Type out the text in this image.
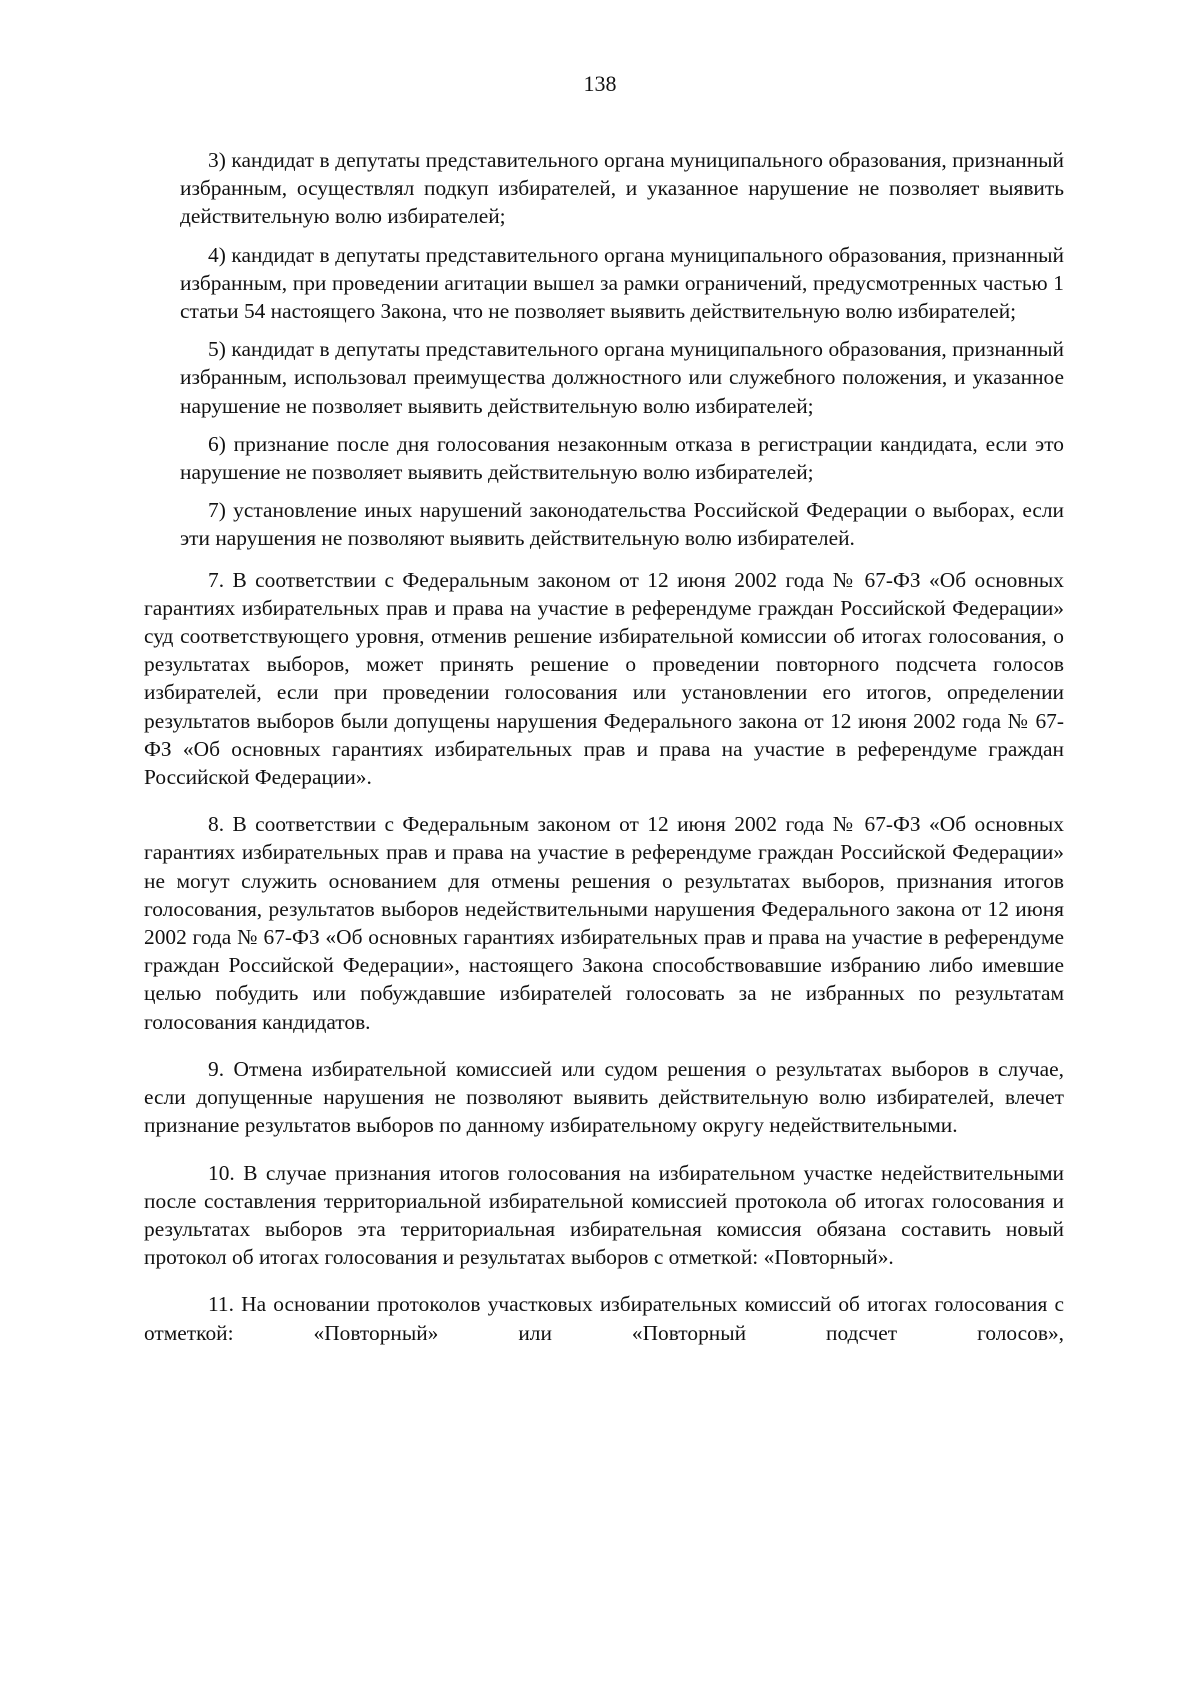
138

3) кандидат в депутаты представительного органа муниципального образования, признанный избранным, осуществлял подкуп избирателей, и указанное нарушение не позволяет выявить действительную волю избирателей;

4) кандидат в депутаты представительного органа муниципального образования, признанный избранным, при проведении агитации вышел за рамки ограничений, предусмотренных частью 1 статьи 54 настоящего Закона, что не позволяет выявить действительную волю избирателей;

5) кандидат в депутаты представительного органа муниципального образования, признанный избранным, использовал преимущества должностного или служебного положения, и указанное нарушение не позволяет выявить действительную волю избирателей;

6) признание после дня голосования незаконным отказа в регистрации кандидата, если это нарушение не позволяет выявить действительную волю избирателей;

7) установление иных нарушений законодательства Российской Федерации о выборах, если эти нарушения не позволяют выявить действительную волю избирателей.

7. В соответствии с Федеральным законом от 12 июня 2002 года № 67-ФЗ «Об основных гарантиях избирательных прав и права на участие в референдуме граждан Российской Федерации» суд соответствующего уровня, отменив решение избирательной комиссии об итогах голосования, о результатах выборов, может принять решение о проведении повторного подсчета голосов избирателей, если при проведении голосования или установлении его итогов, определении результатов выборов были допущены нарушения Федерального закона от 12 июня 2002 года № 67-ФЗ «Об основных гарантиях избирательных прав и права на участие в референдуме граждан Российской Федерации».

8. В соответствии с Федеральным законом от 12 июня 2002 года № 67-ФЗ «Об основных гарантиях избирательных прав и права на участие в референдуме граждан Российской Федерации» не могут служить основанием для отмены решения о результатах выборов, признания итогов голосования, результатов выборов недействительными нарушения Федерального закона от 12 июня 2002 года № 67-ФЗ «Об основных гарантиях избирательных прав и права на участие в референдуме граждан Российской Федерации», настоящего Закона способствовавшие избранию либо имевшие целью побудить или побуждавшие избирателей голосовать за не избранных по результатам голосования кандидатов.

9. Отмена избирательной комиссией или судом решения о результатах выборов в случае, если допущенные нарушения не позволяют выявить действительную волю избирателей, влечет признание результатов выборов по данному избирательному округу недействительными.

10. В случае признания итогов голосования на избирательном участке недействительными после составления территориальной избирательной комиссией протокола об итогах голосования и результатах выборов эта территориальная избирательная комиссия обязана составить новый протокол об итогах голосования и результатах выборов с отметкой: «Повторный».

11. На основании протоколов участковых избирательных комиссий об итогах голосования с отметкой: «Повторный» или «Повторный подсчет голосов»,
